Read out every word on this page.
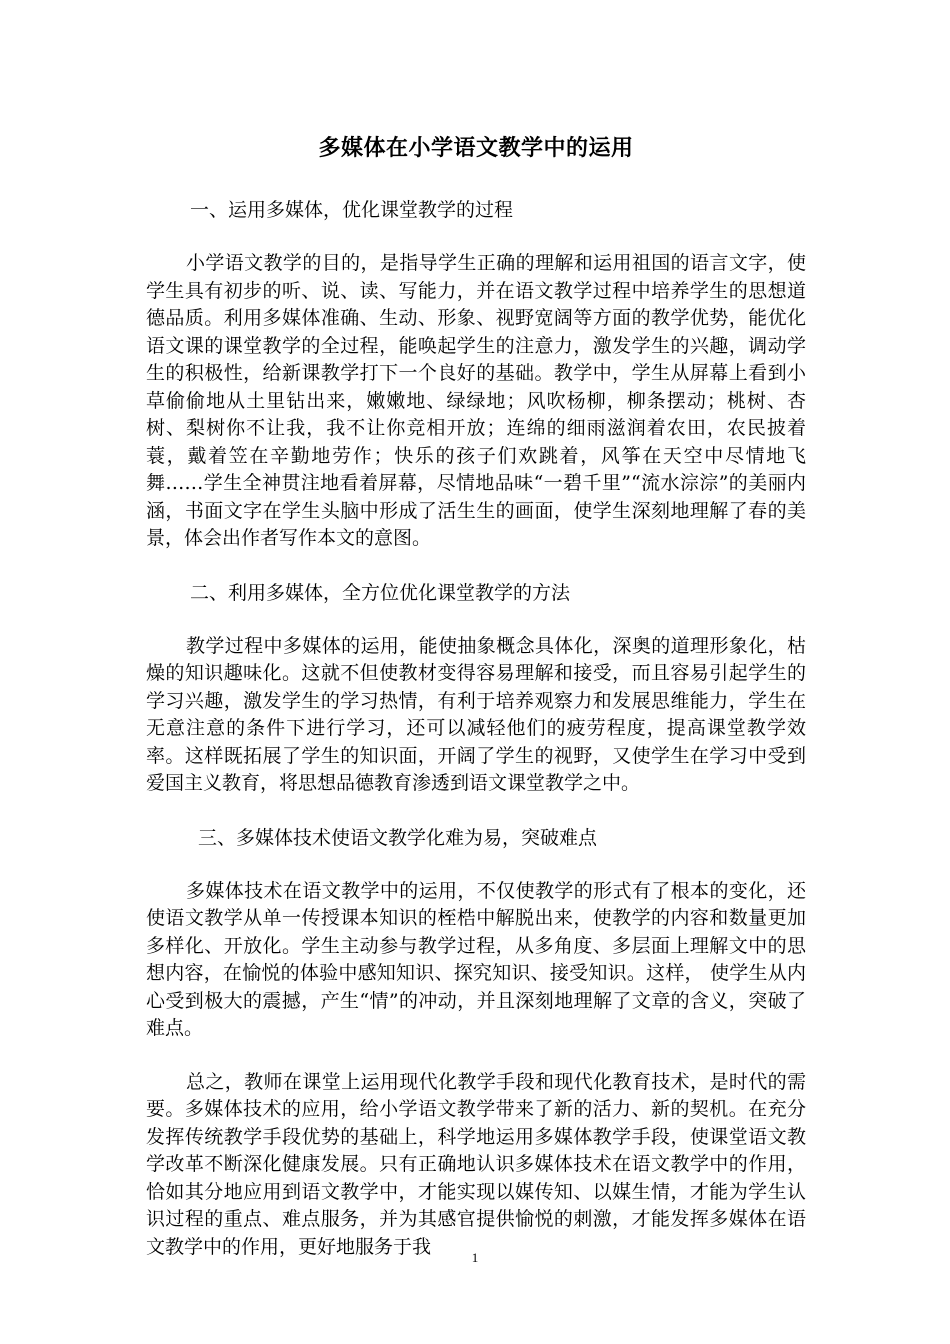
多媒体在小学语文教学中的运用
一、运用多媒体，优化课堂教学的过程

小学语文教学的目的，是指导学生正确的理解和运用祖国的语言文字，使学生具有初步的听、说、读、写能力，并在语文教学过程中培养学生的思想道德品质。利用多媒体准确、生动、形象、视野宽阔等方面的教学优势，能优化语文课的课堂教学的全过程，能唤起学生的注意力，激发学生的兴趣，调动学生的积极性，给新课教学打下一个良好的基础。教学中，学生从屏幕上看到小草偷偷地从土里钻出来，嫩嫩地、绿绿地；风吹杨柳，柳条摆动；桃树、杏树、梨树你不让我，我不让你竞相开放；连绵的细雨滋润着农田，农民披着蓑，戴着笠在辛勤地劳作；快乐的孩子们欢跳着，风筝在天空中尽情地飞舞……学生全神贯注地看着屏幕，尽情地品味“一碧千里”“流水淙淙”的美丽内涵，书面文字在学生头脑中形成了活生生的画面，使学生深刻地理解了春的美景，体会出作者写作本文的意图。

二、利用多媒体，全方位优化课堂教学的方法

教学过程中多媒体的运用，能使抽象概念具体化，深奥的道理形象化，枯燥的知识趣味化。这就不但使教材变得容易理解和接受，而且容易引起学生的学习兴趣，激发学生的学习热情，有利于培养观察力和发展思维能力，学生在无意注意的条件下进行学习，还可以减轻他们的疲劳程度，提高课堂教学效率。这样既拓展了学生的知识面，开阔了学生的视野，又使学生在学习中受到爱国主义教育，将思想品德教育渗透到语文课堂教学之中。

三、多媒体技术使语文教学化难为易，突破难点

多媒体技术在语文教学中的运用，不仅使教学的形式有了根本的变化，还使语文教学从单一传授课本知识的桎梏中解脱出来，使教学的内容和数量更加多样化、开放化。学生主动参与教学过程，从多角度、多层面上理解文中的思想内容，在愉悦的体验中感知知识、探究知识、接受知识。这样， 使学生从内心受到极大的震撼，产生“情”的冲动，并且深刻地理解了文章的含义，突破了难点。

总之，教师在课堂上运用现代化教学手段和现代化教育技术，是时代的需要。多媒体技术的应用，给小学语文教学带来了新的活力、新的契机。在充分发挥传统教学手段优势的基础上，科学地运用多媒体教学手段，使课堂语文教学改革不断深化健康发展。只有正确地认识多媒体技术在语文教学中的作用，恰如其分地应用到语文教学中，才能实现以媒传知、以媒生情，才能为学生认识过程的重点、难点服务，并为其感官提供愉悦的刺激，才能发挥多媒体在语文教学中的作用，更好地服务于我	1
